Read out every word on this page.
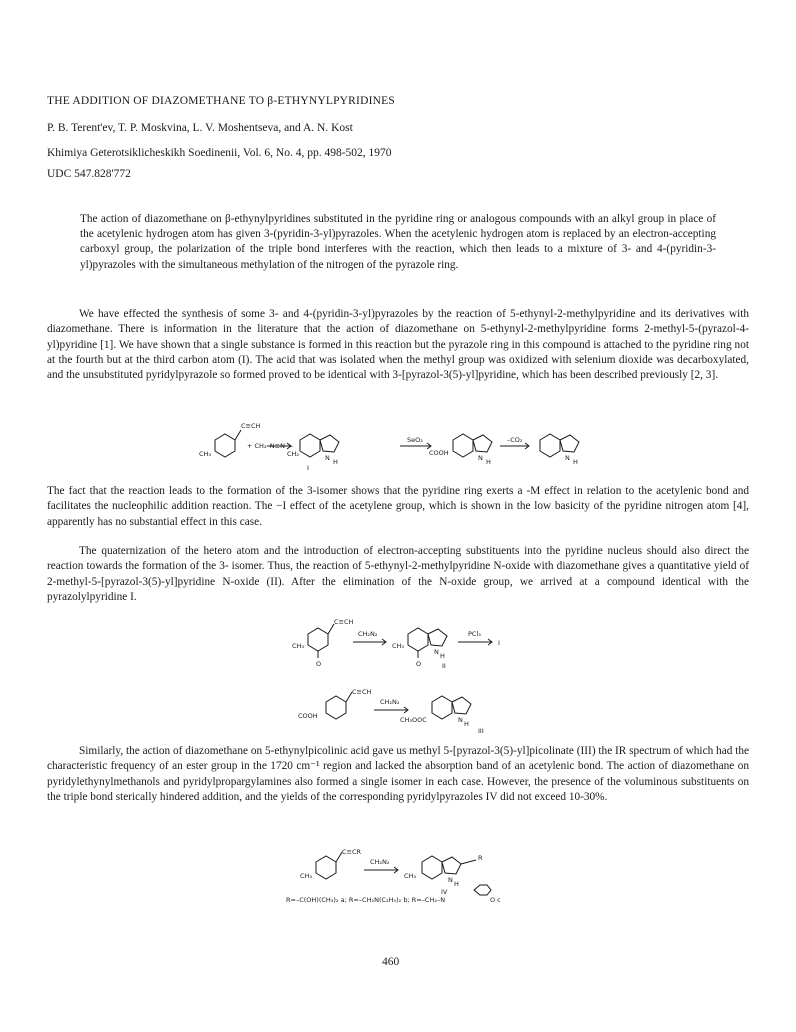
THE ADDITION OF DIAZOMETHANE TO β-ETHYNYLPYRIDINES
P. B. Terent'ev, T. P. Moskvina, L. V. Moshentseva, and A. N. Kost
Khimiya Geterotsiklicheskikh Soedinenii, Vol. 6, No. 4, pp. 498-502, 1970
UDC 547.828'772
The action of diazomethane on β-ethynylpyridines substituted in the pyridine ring or analogous compounds with an alkyl group in place of the acetylenic hydrogen atom has given 3-(pyridin-3-yl)pyrazoles. When the acetylenic hydrogen atom is replaced by an electron-accepting carboxyl group, the polarization of the triple bond interferes with the reaction, which then leads to a mixture of 3- and 4-(pyridin-3-yl)pyrazoles with the simultaneous methylation of the nitrogen of the pyrazole ring.
We have effected the synthesis of some 3- and 4-(pyridin-3-yl)pyrazoles by the reaction of 5-ethynyl-2-methylpyridine and its derivatives with diazomethane. There is information in the literature that the action of diazomethane on 5-ethynyl-2-methylpyridine forms 2-methyl-5-(pyrazol-4-yl)pyridine [1]. We have shown that a single substance is formed in this reaction but the pyrazole ring in this compound is attached to the pyridine ring not at the fourth but at the third carbon atom (I). The acid that was isolated when the methyl group was oxidized with selenium dioxide was decarboxylated, and the unsubstituted pyridylpyrazole so formed proved to be identical with 3-[pyrazol-3(5)-yl]pyridine, which has been described previously [2, 3].
CH₃
C≡CH
+ CH₂–N≡N —
CH₂	N H
I
SeO₂
COOH
N H
–CO₂
N H
The fact that the reaction leads to the formation of the 3-isomer shows that the pyridine ring exerts a -M effect in relation to the acetylenic bond and facilitates the nucleophilic addition reaction. The −I effect of the acetylene group, which is shown in the low basicity of the pyridine nitrogen atom [4], apparently has no substantial effect in this case.
The quaternization of the hetero atom and the introduction of electron-accepting substituents into the pyridine nucleus should also direct the reaction towards the formation of the 3- isomer. Thus, the reaction of 5-ethynyl-2-methylpyridine N-oxide with diazomethane gives a quantitative yield of 2-methyl-5-[pyrazol-3(5)-yl]pyridine N-oxide (II). After the elimination of the N-oxide group, we arrived at a compound identical with the pyrazolylpyridine I.
C≡CH
CH₃
O
CH₂N₂
CH₃
O
N H
II
PCl₃
I
C≡CH
COOH
CH₂N₂
CH₃OOC	N H
III
Similarly, the action of diazomethane on 5-ethynylpicolinic acid gave us methyl 5-[pyrazol-3(5)-yl]picolinate (III) the IR spectrum of which had the characteristic frequency of an ester group in the 1720 cm⁻¹ region and lacked the absorption band of an acetylenic bond. The action of diazomethane on pyridylethynylmethanols and pyridylpropargylamines also formed a single isomer in each case. However, the presence of the voluminous substituents on the triple bond sterically hindered addition, and the yields of the corresponding pyridylpyrazoles IV did not exceed 10-30%.
C≡CR
CH₃
CH₂N₂
CH₃
R
N H
IV
R=–C(OH)(CH₃)₂ a; R=–CH₂N(C₂H₅)₂ b; R=–CH₂–N	O c
460
